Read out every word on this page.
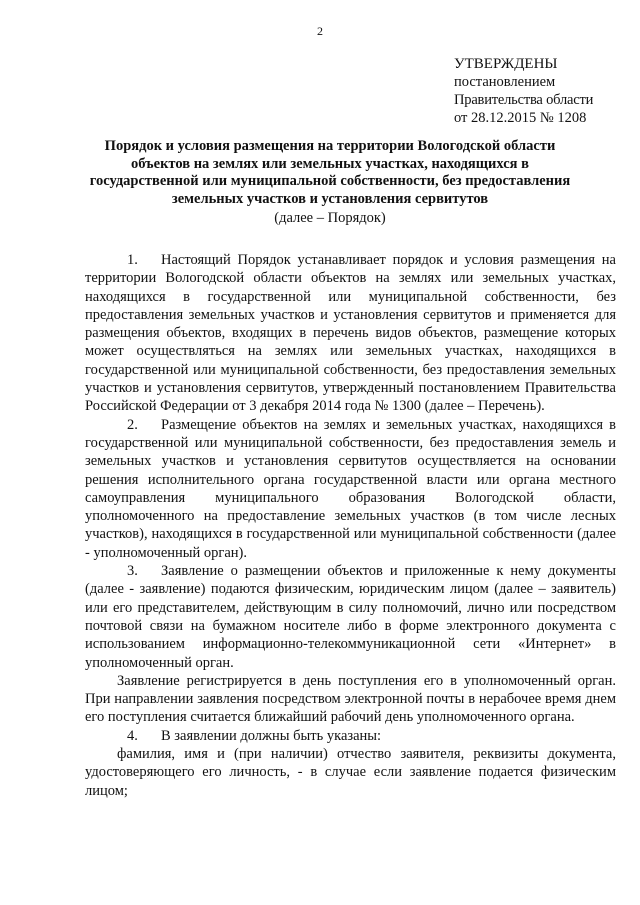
2
УТВЕРЖДЕНЫ
постановлением
Правительства области
от 28.12.2015 № 1208
Порядок и условия размещения на территории Вологодской области объектов на землях или земельных участках, находящихся в государственной или муниципальной собственности, без предоставления земельных участков и установления сервитутов
(далее – Порядок)

1. Настоящий Порядок устанавливает порядок и условия размещения на территории Вологодской области объектов на землях или земельных участках, находящихся в государственной или муниципальной собственности, без предоставления земельных участков и установления сервитутов и применяется для размещения объектов, входящих в перечень видов объектов, размещение которых может осуществляться на землях или земельных участках, находящихся в государственной или муниципальной собственности, без предоставления земельных участков и установления сервитутов, утвержденный постановлением Правительства Российской Федерации от 3 декабря 2014 года № 1300 (далее – Перечень).

2. Размещение объектов на землях и земельных участках, находящихся в государственной или муниципальной собственности, без предоставления земель и земельных участков и установления сервитутов осуществляется на основании решения исполнительного органа государственной власти или органа местного самоуправления муниципального образования Вологодской области, уполномоченного на предоставление земельных участков (в том числе лесных участков), находящихся в государственной или муниципальной собственности (далее - уполномоченный орган).

3. Заявление о размещении объектов и приложенные к нему документы (далее - заявление) подаются физическим, юридическим лицом (далее – заявитель) или его представителем, действующим в силу полномочий, лично или посредством почтовой связи на бумажном носителе либо в форме электронного документа с использованием информационно-телекоммуникационной сети «Интернет» в уполномоченный орган.

Заявление регистрируется в день поступления его в уполномоченный орган. При направлении заявления посредством электронной почты в нерабочее время днем его поступления считается ближайший рабочий день уполномоченного органа.

4. В заявлении должны быть указаны:

фамилия, имя и (при наличии) отчество заявителя, реквизиты документа, удостоверяющего его личность, - в случае если заявление подается физическим лицом;
